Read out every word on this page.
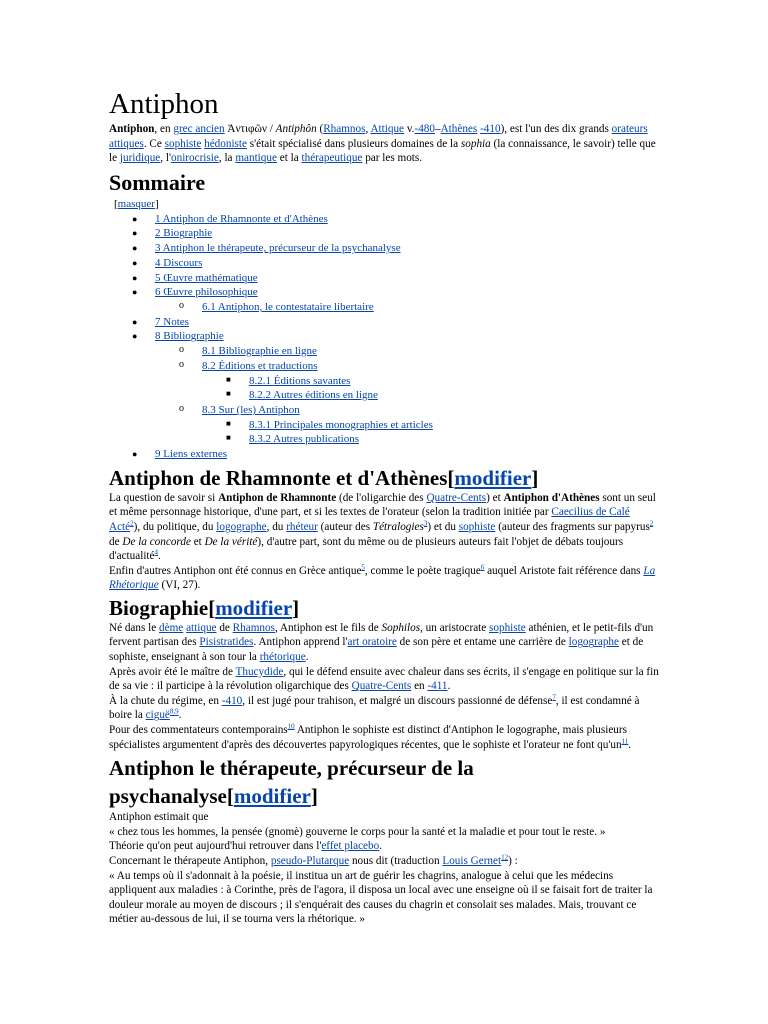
Antiphon

Antiphon, en grec ancien Ἀντιφῶν / Antiphôn (Rhamnos, Attique v.-480–Athènes -410), est l'un des dix grands orateurs attiques. Ce sophiste hédoniste s'était spécialisé dans plusieurs domaines de la sophia (la connaissance, le savoir) telle que le juridique, l'onirocrisie, la mantique et la thérapeutique par les mots.

Sommaire
[masquer]
● 1 Antiphon de Rhamnonte et d'Athènes
● 2 Biographie
● 3 Antiphon le thérapeute, précurseur de la psychanalyse
● 4 Discours
● 5 Œuvre mathématique
● 6 Œuvre philosophique
o 6.1 Antiphon, le contestataire libertaire
● 7 Notes
● 8 Bibliographie
o 8.1 Bibliographie en ligne
o 8.2 Éditions et traductions
■ 8.2.1 Éditions savantes
■ 8.2.2 Autres éditions en ligne
o 8.3 Sur (les) Antiphon
■ 8.3.1 Principales monographies et articles
■ 8.3.2 Autres publications
● 9 Liens externes
Antiphon de Rhamnonte et d'Athènes[modifier]

La question de savoir si Antiphon de Rhamnonte (de l'oligarchie des Quatre-Cents) et Antiphon d'Athènes sont un seul et même personnage historique, d'une part, et si les textes de l'orateur (selon la tradition initiée par Caecilius de Calé Acté$^2$), du politique, du logographe, du rhéteur (auteur des Tétralogies$^3$) et du sophiste (auteur des fragments sur papyrus$^2$ de De la concorde et De la vérité), d'autre part, sont du même ou de plusieurs auteurs fait l'objet de débats toujours d'actualité$^4$.
Enfin d'autres Antiphon ont été connus en Grèce antique$^5$, comme le poète tragique$^6$ auquel Aristote fait référence dans La Rhétorique (VI, 27).

Biographie[modifier]

Né dans le dème attique de Rhamnos, Antiphon est le fils de Sophilos, un aristocrate sophiste athénien, et le petit-fils d'un fervent partisan des Pisistratides. Antiphon apprend l'art oratoire de son père et entame une carrière de logographe et de sophiste, enseignant à son tour la rhétorique.
Après avoir été le maître de Thucydide, qui le défend ensuite avec chaleur dans ses écrits, il s'engage en politique sur la fin de sa vie : il participe à la révolution oligarchique des Quatre-Cents en -411.
À la chute du régime, en -410, il est jugé pour trahison, et malgré un discours passionné de défense$^7$, il est condamné à boire la ciguë$^{8,9}$.
Pour des commentateurs contemporains$^{10}$ Antiphon le sophiste est distinct d'Antiphon le logographe, mais plusieurs spécialistes argumentent d'après des découvertes papyrologiques récentes, que le sophiste et l'orateur ne font $qu'un^{11}$.

Antiphon le thérapeute, précurseur de la psychanalyse[modifier]

Antiphon estimait que
« chez tous les hommes, la pensée (gnomè) gouverne le corps pour la santé et la maladie et pour tout le reste. »
Théorie qu'on peut aujourd'hui retrouver dans l'effet placebo.
Concernant le thérapeute Antiphon, pseudo-Plutarque nous dit (traduction Louis Gernet$^{12}$) :
« Au temps où il s'adonnait à la poésie, il institua un art de guérir les chagrins, analogue à celui que les médecins appliquent aux maladies : à Corinthe, près de l'agora, il disposa un local avec une enseigne où il se faisait fort de traiter la douleur morale au moyen de discours ; il s'enquérait des causes du chagrin et consolait ses malades. Mais, trouvant ce métier au-dessous de lui, il se tourna vers la rhétorique. »
